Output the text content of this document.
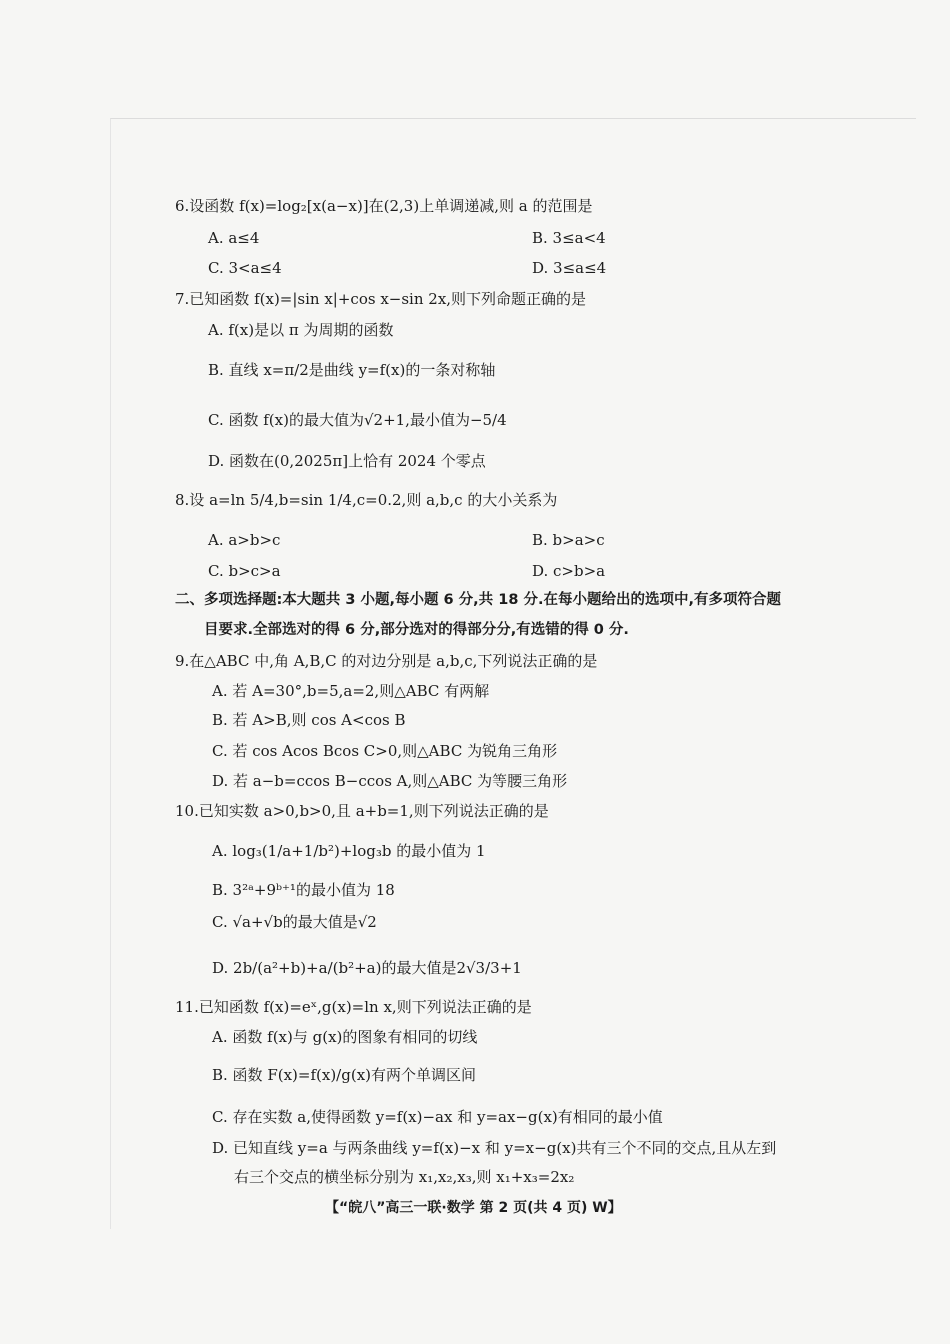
6.设函数 f(x)=log₂[x(a−x)]在(2,3)上单调递减,则 a 的范围是
A. a≤4	B. 3≤a<4
C. 3<a≤4	D. 3≤a≤4
7.已知函数 f(x)=|sin x|+cos x−sin 2x,则下列命题正确的是
A. f(x)是以 π 为周期的函数
B. 直线 x=π/2是曲线 y=f(x)的一条对称轴
C. 函数 f(x)的最大值为√2+1,最小值为−5/4
D. 函数在(0,2025π]上恰有 2024 个零点
8.设 a=ln 5/4,b=sin 1/4,c=0.2,则 a,b,c 的大小关系为
A. a>b>c	B. b>a>c
C. b>c>a	D. c>b>a
二、多项选择题:本大题共 3 小题,每小题 6 分,共 18 分.在每小题给出的选项中,有多项符合题
目要求.全部选对的得 6 分,部分选对的得部分分,有选错的得 0 分.
9.在△ABC 中,角 A,B,C 的对边分别是 a,b,c,下列说法正确的是
A. 若 A=30°,b=5,a=2,则△ABC 有两解
B. 若 A>B,则 cos A<cos B
C. 若 cos Acos Bcos C>0,则△ABC 为锐角三角形
D. 若 a−b=ccos B−ccos A,则△ABC 为等腰三角形
10.已知实数 a>0,b>0,且 a+b=1,则下列说法正确的是
A. log₃(1/a+1/b²)+log₃b 的最小值为 1
B. 3²ᵃ+9ᵇ⁺¹的最小值为 18
C. √a+√b的最大值是√2
D. 2b/(a²+b)+a/(b²+a)的最大值是2√3/3+1
11.已知函数 f(x)=eˣ,g(x)=ln x,则下列说法正确的是
A. 函数 f(x)与 g(x)的图象有相同的切线
B. 函数 F(x)=f(x)/g(x)有两个单调区间
C. 存在实数 a,使得函数 y=f(x)−ax 和 y=ax−g(x)有相同的最小值
D. 已知直线 y=a 与两条曲线 y=f(x)−x 和 y=x−g(x)共有三个不同的交点,且从左到
右三个交点的横坐标分别为 x₁,x₂,x₃,则 x₁+x₃=2x₂
【“皖八”高三一联·数学 第 2 页(共 4 页) W】
